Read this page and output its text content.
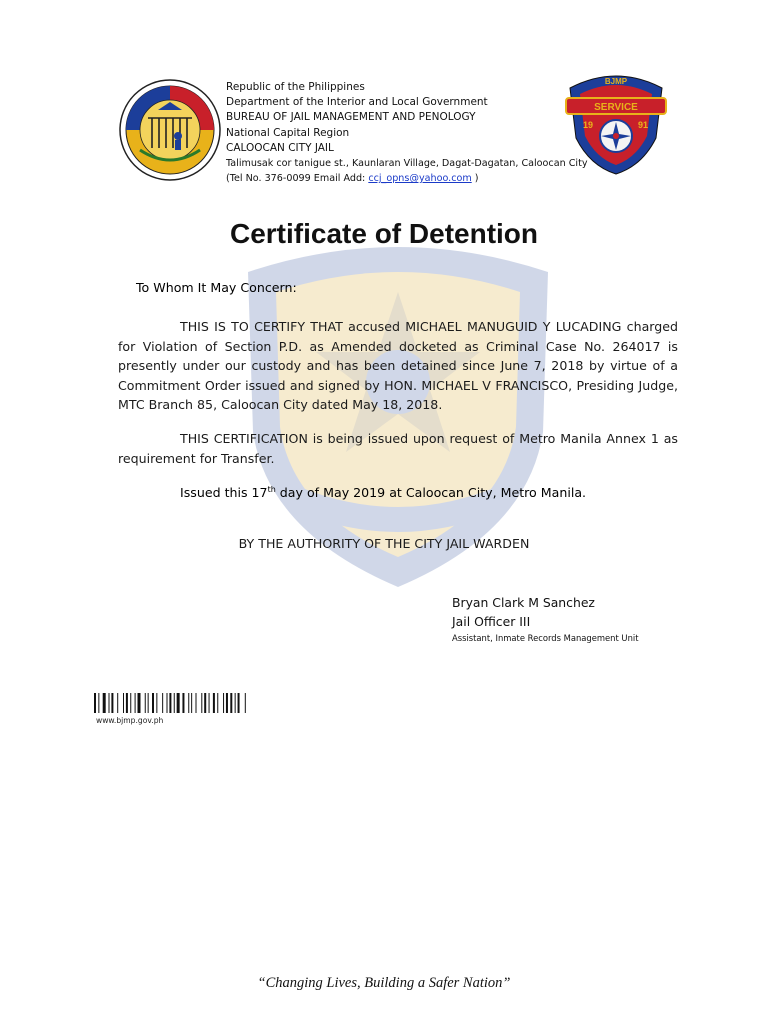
Republic of the Philippines
Department of the Interior and Local Government
BUREAU OF JAIL MANAGEMENT AND PENOLOGY
National Capital Region
CALOOCAN CITY JAIL
Talimusak cor tanigue st., Kaunlaran Village, Dagat-Dagatan, Caloocan City
(Tel No. 376-0099 Email Add: ccj_opns@yahoo.com )
SERVICE
BJMP
19	91
Certificate of Detention
To Whom It May Concern:
THIS IS TO CERTIFY THAT accused MICHAEL MANUGUID Y LUCADING charged for Violation of Section P.D. as Amended docketed as Criminal Case No. 264017 is presently under our custody and has been detained since June 7, 2018 by virtue of a Commitment Order issued and signed by HON. MICHAEL V FRANCISCO, Presiding Judge, MTC Branch 85, Caloocan City dated May 18, 2018.
THIS CERTIFICATION is being issued upon request of Metro Manila Annex 1 as requirement for Transfer.
Issued this 17th day of May 2019 at Caloocan City, Metro Manila.
BY THE AUTHORITY OF THE CITY JAIL WARDEN
Bryan Clark M Sanchez
Jail Officer III
Assistant, Inmate Records Management Unit
www.bjmp.gov.ph
“Changing Lives, Building a Safer Nation”
